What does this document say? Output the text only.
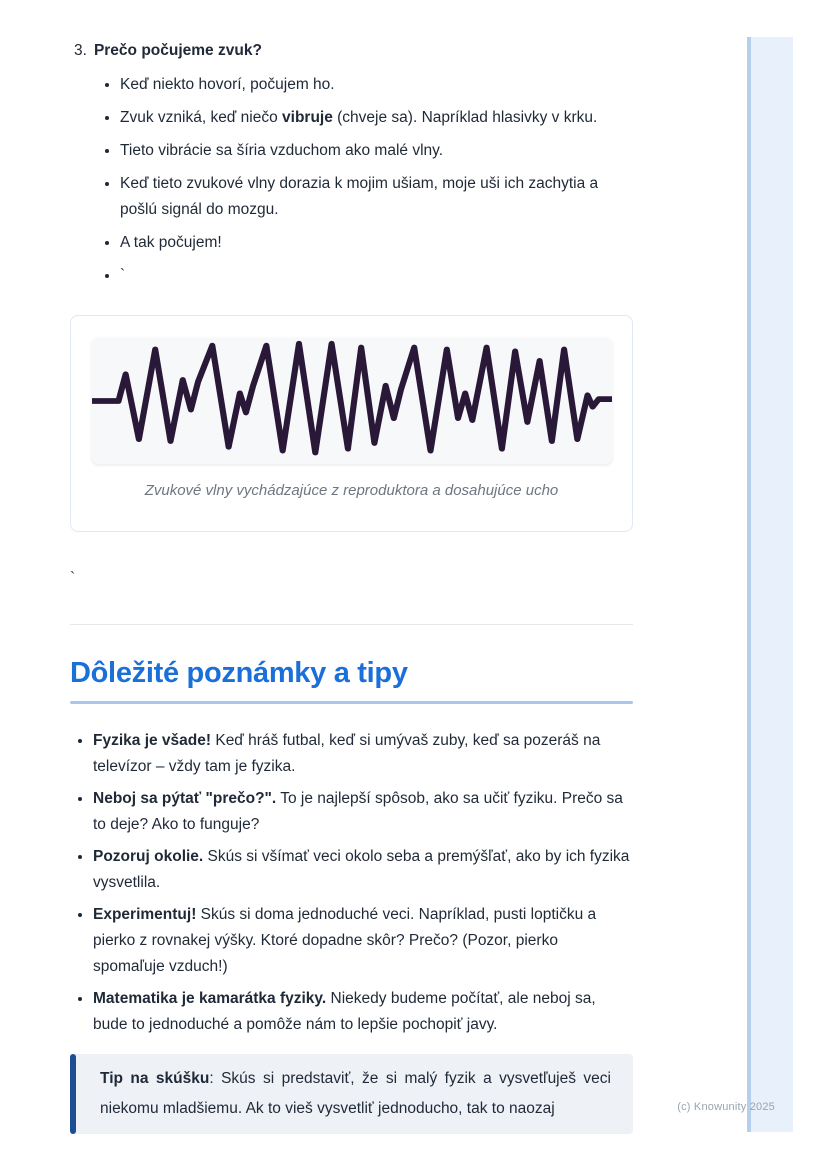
3. Prečo počujeme zvuk?
• Keď niekto hovorí, počujem ho.
• Zvuk vzniká, keď niečo vibruje (chveje sa). Napríklad hlasivky v krku.
• Tieto vibrácie sa šíria vzduchom ako malé vlny.
• Keď tieto zvukové vlny dorazia k mojim ušiam, moje uši ich zachytia a pošlú signál do mozgu.
• A tak počujem!
• `
Zvukové vlny vychádzajúce z reproduktora a dosahujúce ucho

`

Dôležité poznámky a tipy
• Fyzika je všade! Keď hráš futbal, keď si umývaš zuby, keď sa pozeráš na televízor – vždy tam je fyzika.
• Neboj sa pýtať "prečo?". To je najlepší spôsob, ako sa učiť fyziku. Prečo sa to deje? Ako to funguje?
• Pozoruj okolie. Skús si všímať veci okolo seba a premýšľať, ako by ich fyzika vysvetlila.
• Experimentuj! Skús si doma jednoduché veci. Napríklad, pusti loptičku a pierko z rovnakej výšky. Ktoré dopadne skôr? Prečo? (Pozor, pierko spomaľuje vzduch!)
• Matematika je kamarátka fyziky. Niekedy budeme počítať, ale neboj sa, bude to jednoduché a pomôže nám to lepšie pochopiť javy.
Tip na skúšku: Skús si predstaviť, že si malý fyzik a vysvetľuješ veci niekomu mladšiemu. Ak to vieš vysvetliť jednoducho, tak to naozaj	(c) Knowunity 2025
